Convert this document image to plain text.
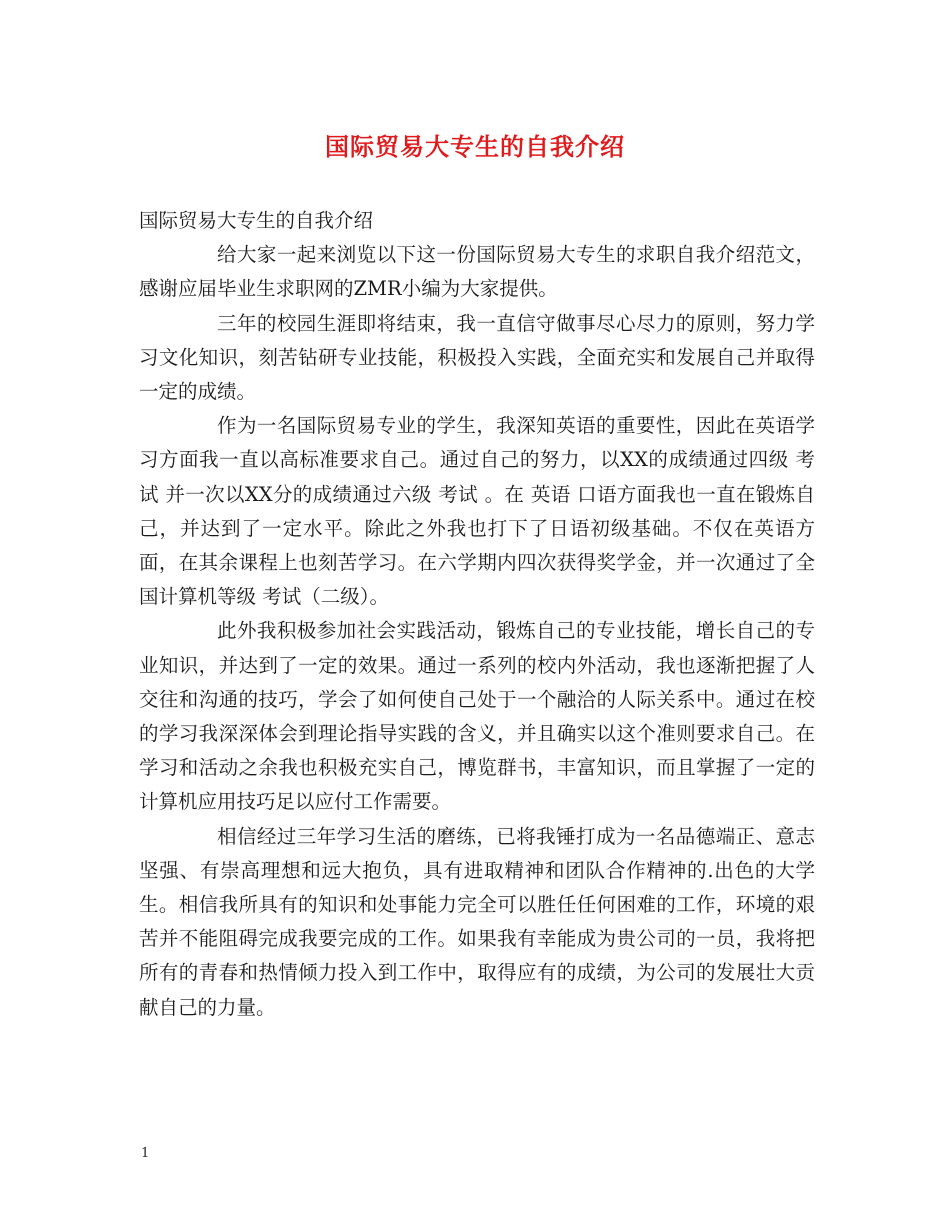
国际贸易大专生的自我介绍

国际贸易大专生的自我介绍

给大家一起来浏览以下这一份国际贸易大专生的求职自我介绍范文，感谢应届毕业生求职网的ZMR小编为大家提供。

三年的校园生涯即将结束，我一直信守做事尽心尽力的原则，努力学习文化知识，刻苦钻研专业技能，积极投入实践，全面充实和发展自己并取得一定的成绩。

作为一名国际贸易专业的学生，我深知英语的重要性，因此在英语学习方面我一直以高标准要求自己。通过自己的努力，以XX的成绩通过四级 考试 并一次以XX分的成绩通过六级 考试 。在 英语 口语方面我也一直在锻炼自己，并达到了一定水平。除此之外我也打下了日语初级基础。不仅在英语方面，在其余课程上也刻苦学习。在六学期内四次获得奖学金，并一次通过了全国计算机等级 考试（二级）。

此外我积极参加社会实践活动，锻炼自己的专业技能，增长自己的专业知识，并达到了一定的效果。通过一系列的校内外活动，我也逐渐把握了人交往和沟通的技巧，学会了如何使自己处于一个融洽的人际关系中。通过在校的学习我深深体会到理论指导实践的含义，并且确实以这个准则要求自己。在学习和活动之余我也积极充实自己，博览群书，丰富知识，而且掌握了一定的计算机应用技巧足以应付工作需要。

相信经过三年学习生活的磨练，已将我锤打成为一名品德端正、意志坚强、有崇高理想和远大抱负，具有进取精神和团队合作精神的.出色的大学生。相信我所具有的知识和处事能力完全可以胜任任何困难的工作，环境的艰苦并不能阻碍完成我要完成的工作。如果我有幸能成为贵公司的一员，我将把所有的青春和热情倾力投入到工作中，取得应有的成绩，为公司的发展壮大贡献自己的力量。

1
